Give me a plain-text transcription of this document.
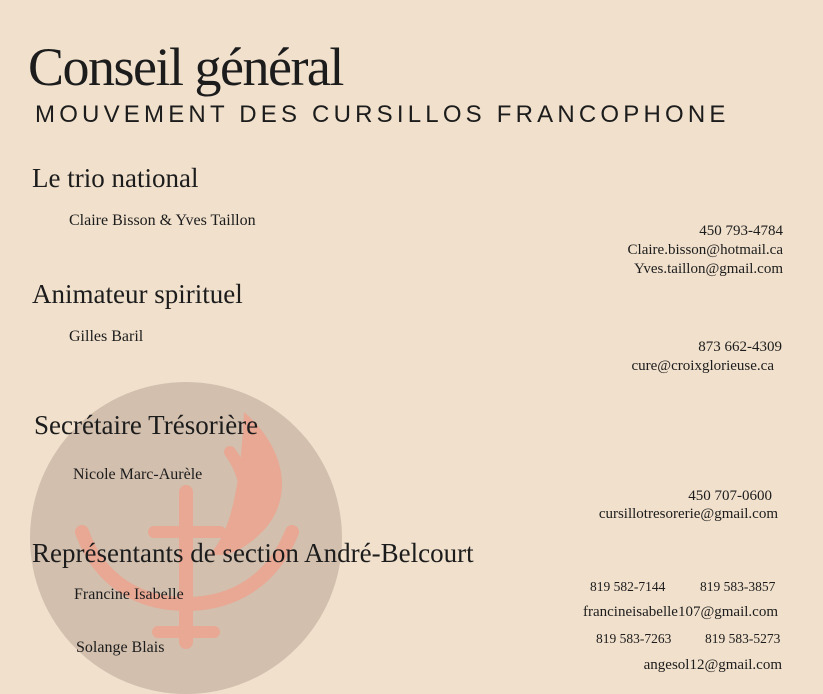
Conseil général
MOUVEMENT DES CURSILLOS FRANCOPHONE
Le trio national
Claire Bisson & Yves Taillon
450 793-4784
Claire.bisson@hotmail.ca
Yves.taillon@gmail.com
Animateur spirituel
Gilles Baril
873 662-4309
cure@croixglorieuse.ca
Secrétaire Trésorière
Nicole Marc-Aurèle
450 707-0600
cursillotresorerie@gmail.com
Représentants de section André-Belcourt
Francine Isabelle
Solange Blais
819 582-7144	819 583-3857
francineisabelle107@gmail.com
819 583-7263 819 583-5273
angesol12@gmail.com
